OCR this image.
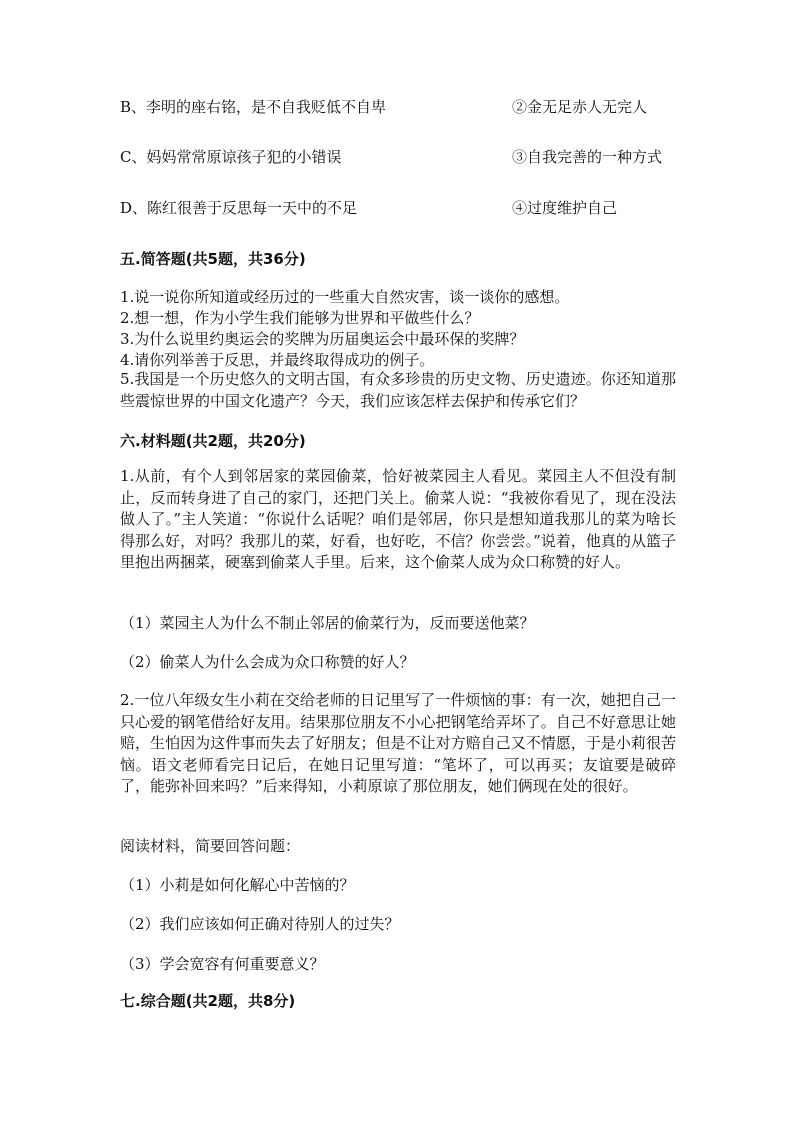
B、李明的座右铭，是不自我贬低不自卑	②金无足赤人无完人
C、妈妈常常原谅孩子犯的小错误	③自我完善的一种方式
D、陈红很善于反思每一天中的不足	④过度维护自己
五.简答题(共5题，共36分)
1.说一说你所知道或经历过的一些重大自然灾害，谈一谈你的感想。
2.想一想，作为小学生我们能够为世界和平做些什么？
3.为什么说里约奥运会的奖牌为历届奥运会中最环保的奖牌？
4.请你列举善于反思，并最终取得成功的例子。
5.我国是一个历史悠久的文明古国，有众多珍贵的历史文物、历史遗迹。你还知道那些震惊世界的中国文化遗产？今天，我们应该怎样去保护和传承它们？
六.材料题(共2题，共20分)
1.从前，有个人到邻居家的菜园偷菜，恰好被菜园主人看见。菜园主人不但没有制止，反而转身进了自己的家门，还把门关上。偷菜人说：“我被你看见了，现在没法做人了。”主人笑道：“你说什么话呢？咱们是邻居，你只是想知道我那儿的菜为啥长得那么好，对吗？我那儿的菜，好看，也好吃，不信？你尝尝。”说着，他真的从篮子里抱出两捆菜，硬塞到偷菜人手里。后来，这个偷菜人成为众口称赞的好人。
（1）菜园主人为什么不制止邻居的偷菜行为，反而要送他菜？
（2）偷菜人为什么会成为众口称赞的好人？
2.一位八年级女生小莉在交给老师的日记里写了一件烦恼的事：有一次，她把自己一只心爱的钢笔借给好友用。结果那位朋友不小心把钢笔给弄坏了。自己不好意思让她赔，生怕因为这件事而失去了好朋友；但是不让对方赔自己又不情愿，于是小莉很苦恼。语文老师看完日记后，在她日记里写道：“笔坏了，可以再买；友谊要是破碎了，能弥补回来吗？”后来得知，小莉原谅了那位朋友，她们俩现在处的很好。
阅读材料，简要回答问题：
（1）小莉是如何化解心中苦恼的？
（2）我们应该如何正确对待别人的过失？
（3）学会宽容有何重要意义？
七.综合题(共2题，共8分)
